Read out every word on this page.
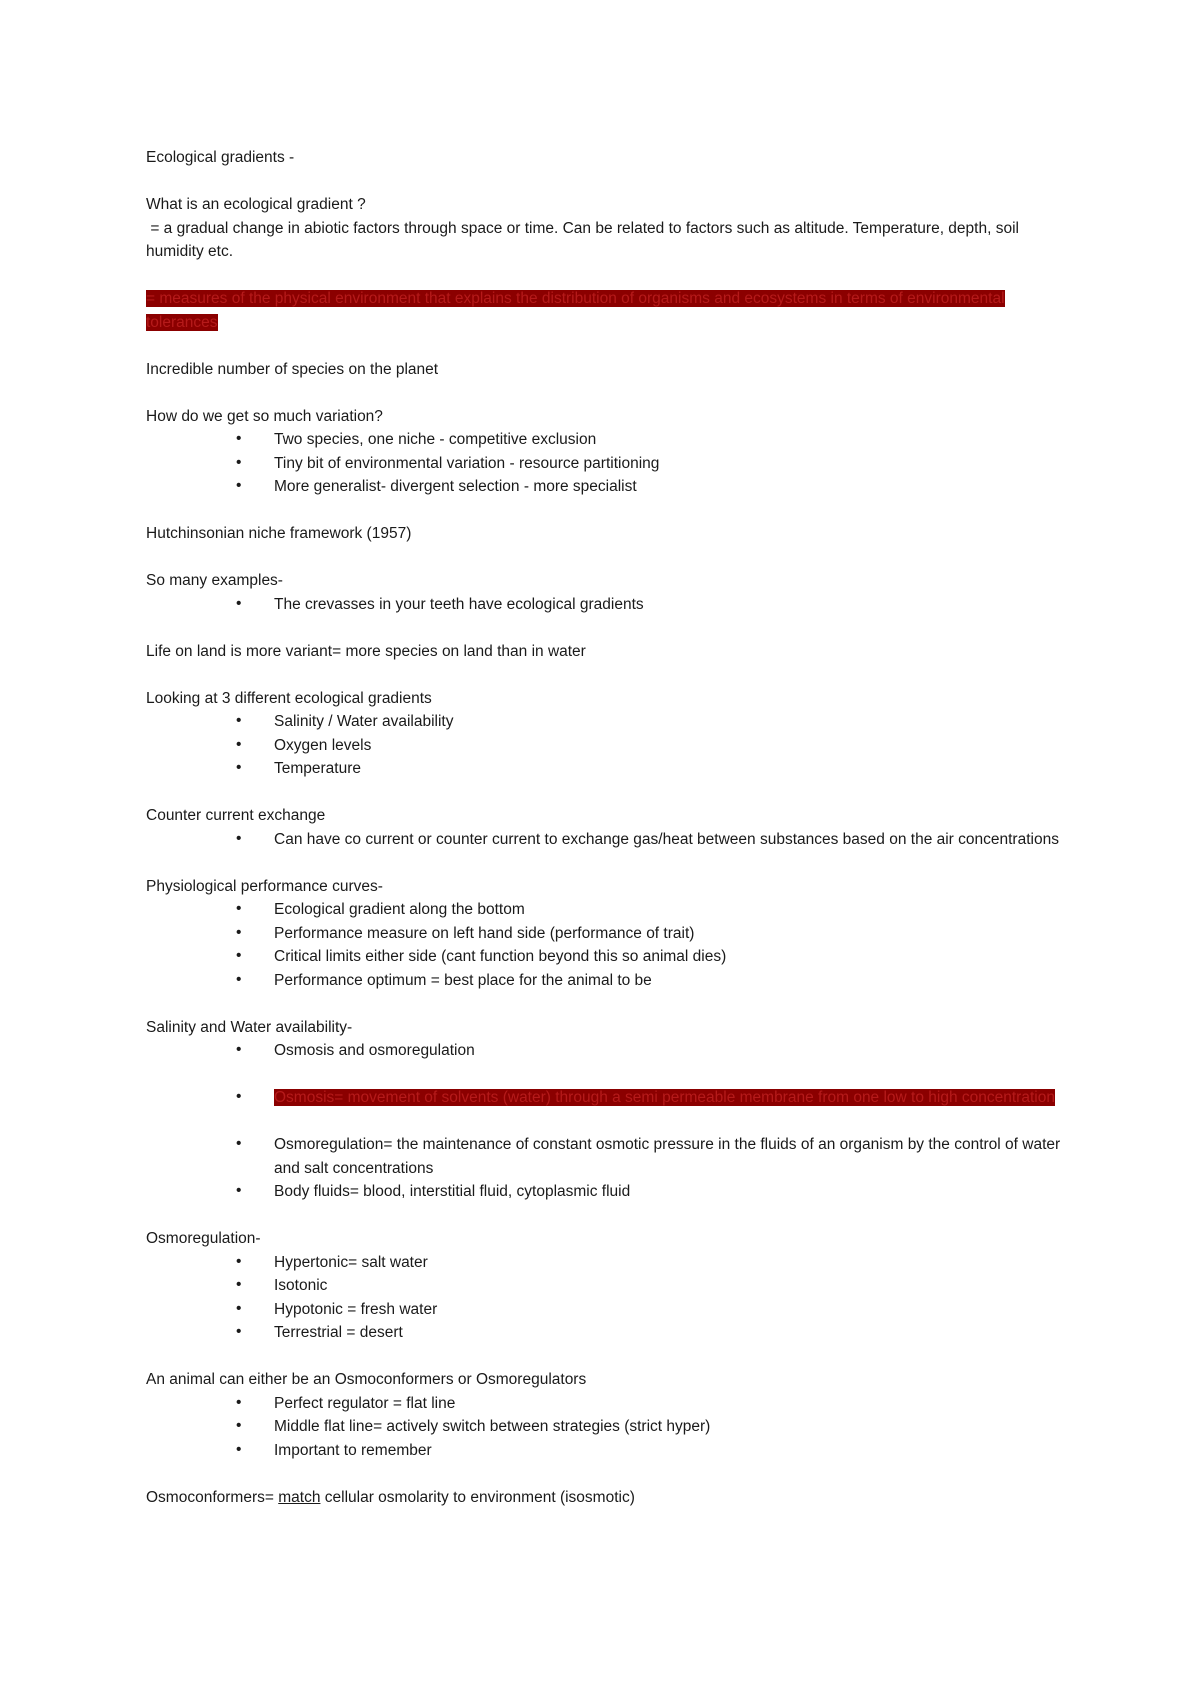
Ecological gradients -

What is an ecological gradient ?
= a gradual change in abiotic factors through space or time. Can be related to factors such as altitude. Temperature, depth, soil humidity etc.

= measures of the physical environment that explains the distribution of organisms and ecosystems in terms of environmental tolerances

Incredible number of species on the planet

How do we get so much variation?
• Two species, one niche - competitive exclusion
• Tiny bit of environmental variation - resource partitioning
• More generalist- divergent selection - more specialist

Hutchinsonian niche framework (1957)

So many examples-
• The crevasses in your teeth have ecological gradients

Life on land is more variant= more species on land than in water

Looking at 3 different ecological gradients
• Salinity / Water availability
• Oxygen levels
• Temperature
Counter current exchange
• Can have co current or counter current to exchange gas/heat between substances based on the air concentrations
Physiological performance curves-
• Ecological gradient along the bottom
• Performance measure on left hand side (performance of trait)
• Critical limits either side (cant function beyond this so animal dies)
• Performance optimum = best place for the animal to be
Salinity and Water availability-
• Osmosis and osmoregulation
• Osmosis= movement of solvents (water) through a semi permeable membrane from one low to high concentration
• Osmoregulation= the maintenance of constant osmotic pressure in the fluids of an organism by the control of water and salt concentrations
• Body fluids= blood, interstitial fluid, cytoplasmic fluid
Osmoregulation-
• Hypertonic= salt water
• Isotonic
• Hypotonic = fresh water
• Terrestrial = desert
An animal can either be an Osmoconformers or Osmoregulators
• Perfect regulator = flat line
• Middle flat line= actively switch between strategies (strict hyper)
• Important to remember

Osmoconformers= match cellular osmolarity to environment (isosmotic)
